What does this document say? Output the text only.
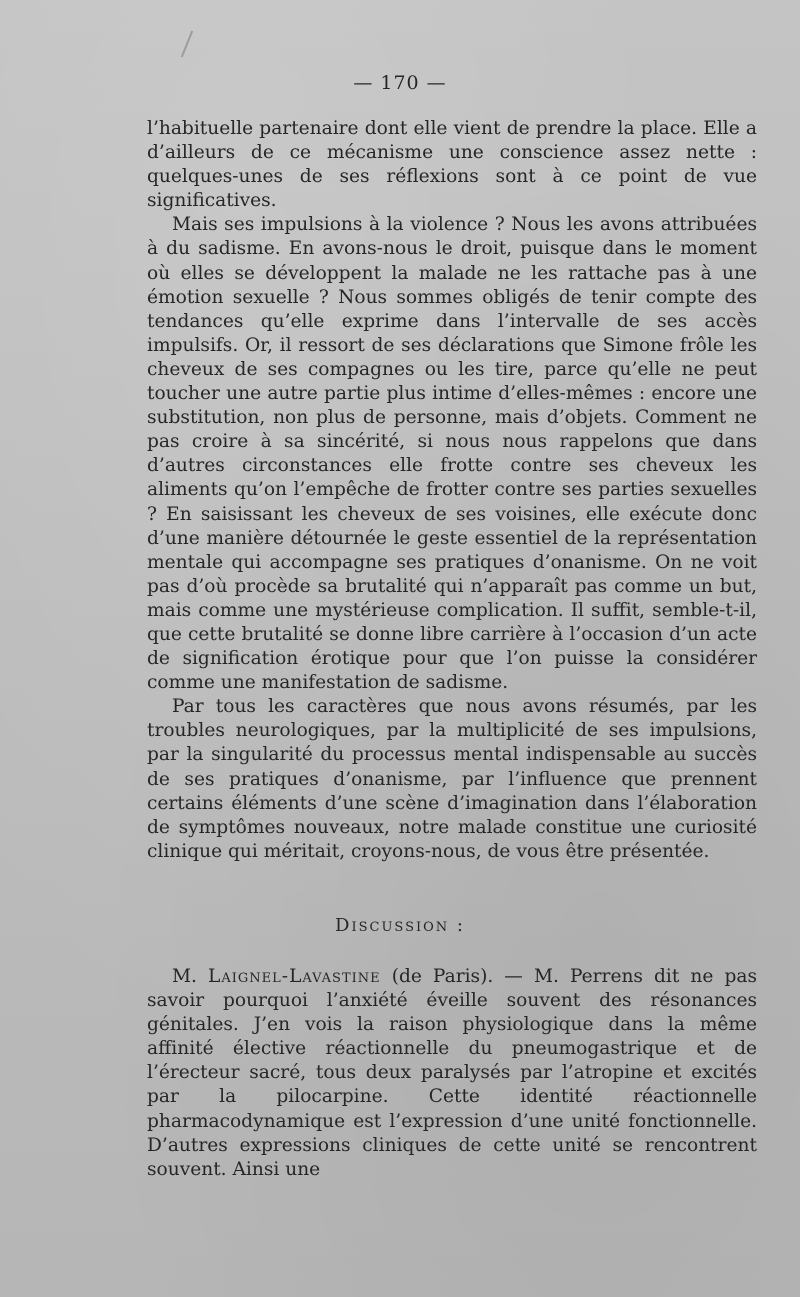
— 170 —

l’habituelle partenaire dont elle vient de prendre la place. Elle a d’ailleurs de ce mécanisme une conscience assez nette : quelques-unes de ses réflexions sont à ce point de vue significatives.

Mais ses impulsions à la violence ? Nous les avons attribuées à du sadisme. En avons-nous le droit, puisque dans le moment où elles se développent la malade ne les rattache pas à une émotion sexuelle ? Nous sommes obligés de tenir compte des tendances qu’elle exprime dans l’intervalle de ses accès impulsifs. Or, il ressort de ses déclarations que Simone frôle les cheveux de ses compagnes ou les tire, parce qu’elle ne peut toucher une autre partie plus intime d’elles-mêmes : encore une substitution, non plus de personne, mais d’objets. Comment ne pas croire à sa sincérité, si nous nous rappelons que dans d’autres circonstances elle frotte contre ses cheveux les aliments qu’on l’empêche de frotter contre ses parties sexuelles ? En saisissant les cheveux de ses voisines, elle exécute donc d’une manière détournée le geste essentiel de la représentation mentale qui accompagne ses pratiques d’onanisme. On ne voit pas d’où procède sa brutalité qui n’apparaît pas comme un but, mais comme une mystérieuse complication. Il suffit, semble-t-il, que cette brutalité se donne libre carrière à l’occasion d’un acte de signification érotique pour que l’on puisse la considérer comme une manifestation de sadisme.

Par tous les caractères que nous avons résumés, par les troubles neurologiques, par la multiplicité de ses impulsions, par la singularité du processus mental indispensable au succès de ses pratiques d’onanisme, par l’influence que prennent certains éléments d’une scène d’imagination dans l’élaboration de symptômes nouveaux, notre malade constitue une curiosité clinique qui méritait, croyons-nous, de vous être présentée.

Discussion :

M. Laignel-Lavastine (de Paris). — M. Perrens dit ne pas savoir pourquoi l’anxiété éveille souvent des résonances génitales. J’en vois la raison physiologique dans la même affinité élective réactionnelle du pneumogastrique et de l’érecteur sacré, tous deux paralysés par l’atropine et excités par la pilocarpine. Cette identité réactionnelle pharmacodynamique est l’expression d’une unité fonctionnelle. D’autres expressions cliniques de cette unité se rencontrent souvent. Ainsi une
